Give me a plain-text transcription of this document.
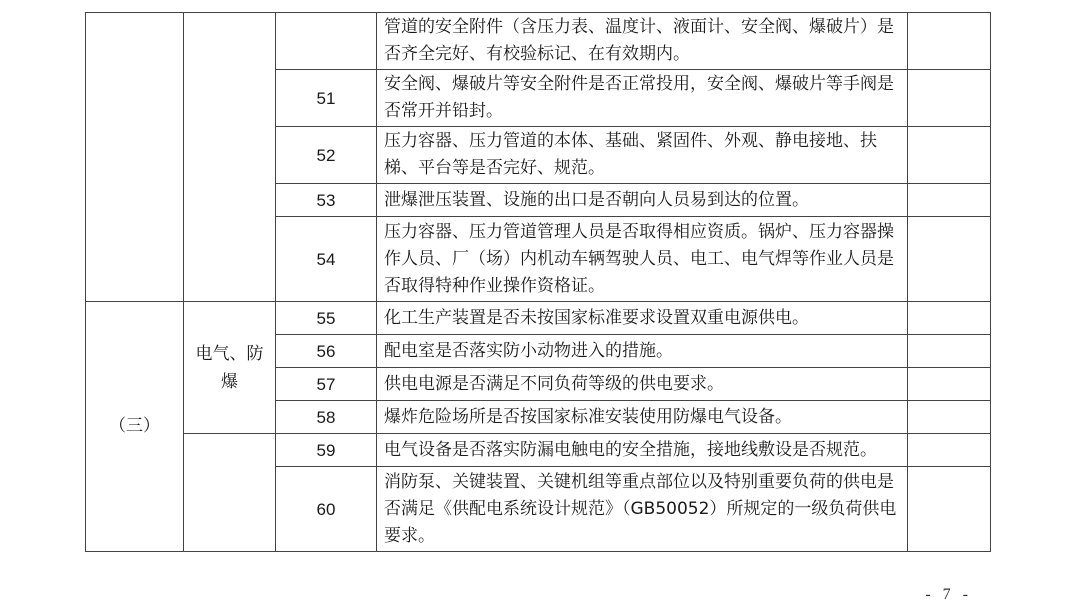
			管道的安全附件（含压力表、温度计、液面计、安全阀、爆破片）是否齐全完好、有校验标记、在有效期内。	
		51	安全阀、爆破片等安全附件是否正常投用，安全阀、爆破片等手阀是否常开并铅封。	
		52	压力容器、压力管道的本体、基础、紧固件、外观、静电接地、扶梯、平台等是否完好、规范。	
		53	泄爆泄压装置、设施的出口是否朝向人员易到达的位置。	
		54	压力容器、压力管道管理人员是否取得相应资质。锅炉、压力容器操作人员、厂（场）内机动车辆驾驶人员、电工、电气焊等作业人员是否取得特种作业操作资格证。	
（三）	电气、防爆	55	化工生产装置是否未按国家标准要求设置双重电源供电。	
		56	配电室是否落实防小动物进入的措施。	
		57	供电电源是否满足不同负荷等级的供电要求。	
		58	爆炸危险场所是否按国家标准安装使用防爆电气设备。	
		59	电气设备是否落实防漏电触电的安全措施，接地线敷设是否规范。	
		60	消防泵、关键装置、关键机组等重点部位以及特别重要负荷的供电是否满足《供配电系统设计规范》（GB50052）所规定的一级负荷供电要求。	
- 7 -
